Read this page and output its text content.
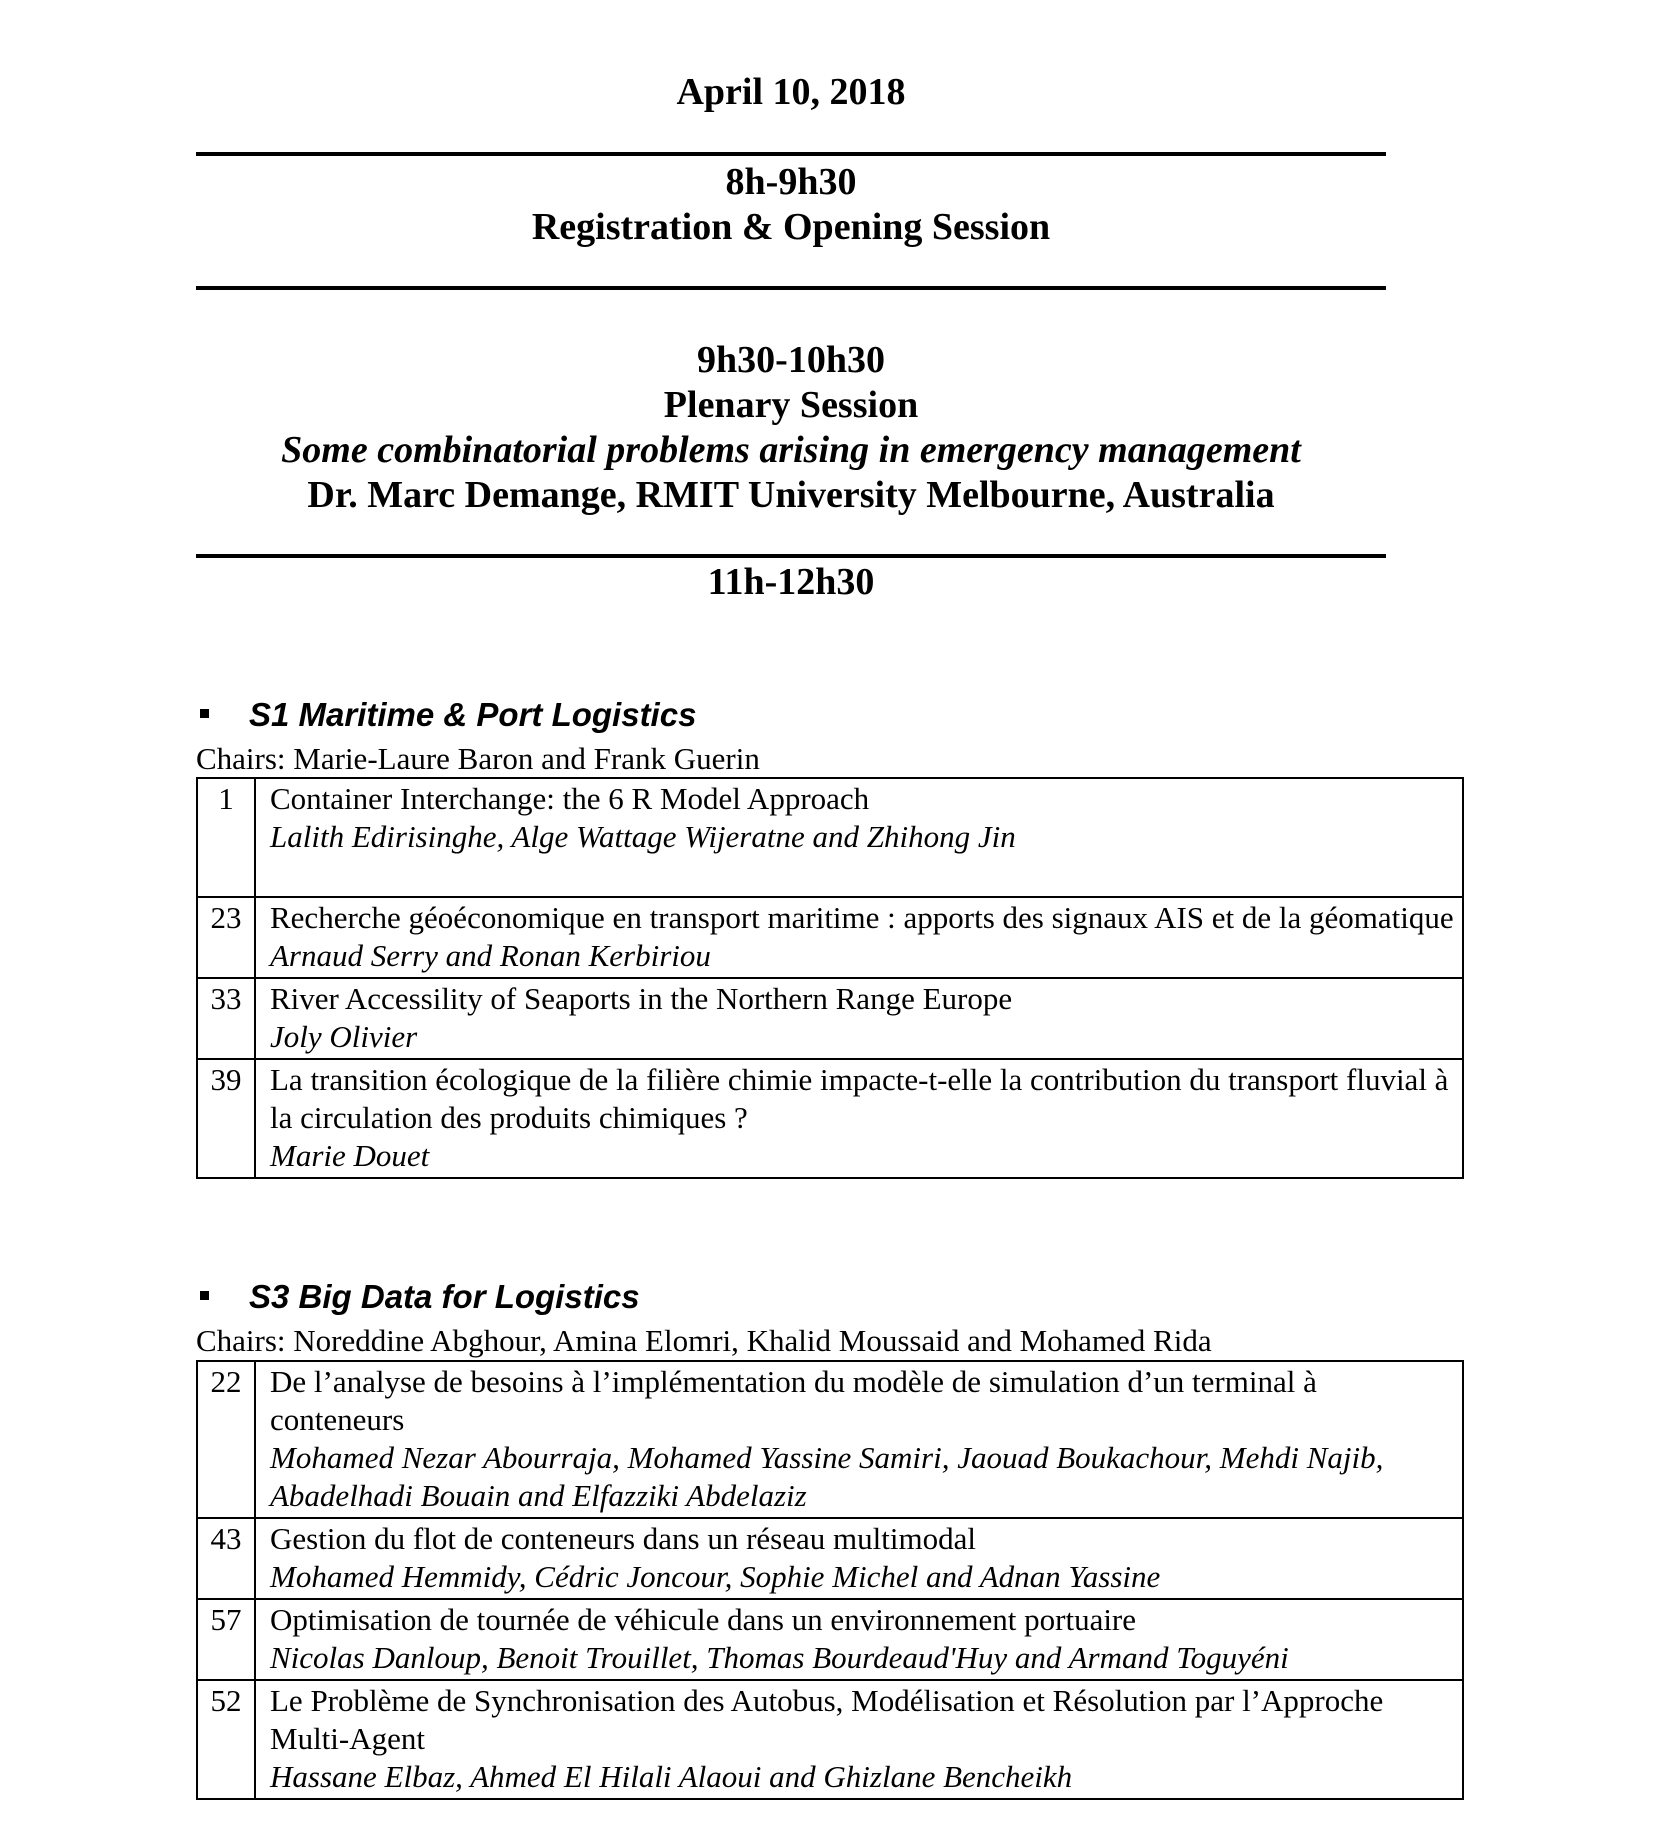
April 10, 2018
8h-9h30
Registration & Opening Session
9h30-10h30
Plenary Session
Some combinatorial problems arising in emergency management
Dr. Marc Demange, RMIT University Melbourne, Australia
11h-12h30
S1 Maritime & Port Logistics
Chairs: Marie-Laure Baron and Frank Guerin
1	Container Interchange: the 6 R Model Approach
Lalith Edirisinghe, Alge Wattage Wijeratne and Zhihong Jin

23	Recherche géoéconomique en transport maritime : apports des signaux AIS et de la géomatique
Arnaud Serry and Ronan Kerbiriou

33	River Accessility of Seaports in the Northern Range Europe
Joly Olivier

39	La transition écologique de la filière chimie impacte-t-elle la contribution du transport fluvial à la circulation des produits chimiques ?
Marie Douet
S3 Big Data for Logistics
Chairs: Noreddine Abghour, Amina Elomri, Khalid Moussaid and Mohamed Rida
22	De l’analyse de besoins à l’implémentation du modèle de simulation d’un terminal à conteneurs
Mohamed Nezar Abourraja, Mohamed Yassine Samiri, Jaouad Boukachour, Mehdi Najib, Abadelhadi Bouain and Elfazziki Abdelaziz

43	Gestion du flot de conteneurs dans un réseau multimodal
Mohamed Hemmidy, Cédric Joncour, Sophie Michel and Adnan Yassine

57	Optimisation de tournée de véhicule dans un environnement portuaire
Nicolas Danloup, Benoit Trouillet, Thomas Bourdeaud'Huy and Armand Toguyéni

52	Le Problème de Synchronisation des Autobus, Modélisation et Résolution par l’Approche Multi-Agent
Hassane Elbaz, Ahmed El Hilali Alaoui and Ghizlane Bencheikh
